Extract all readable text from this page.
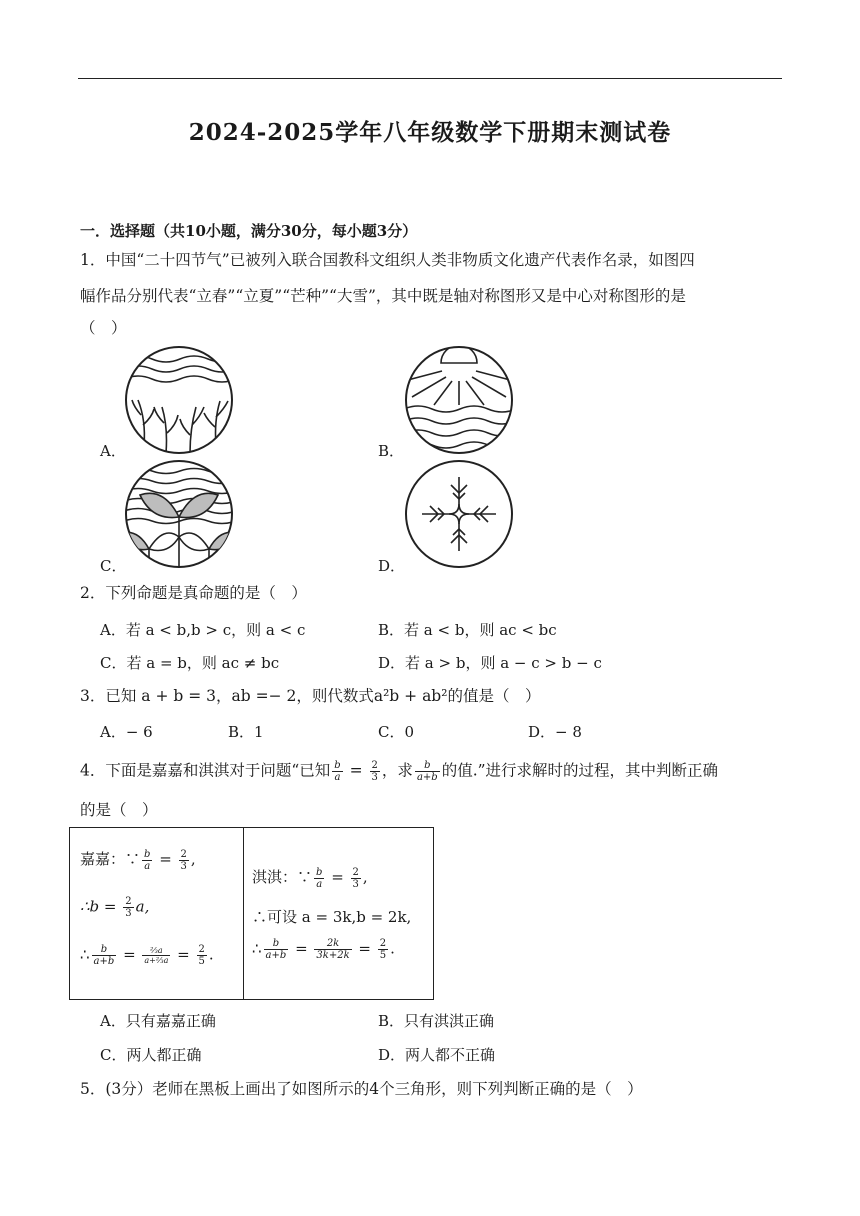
2024-2025学年八年级数学下册期末测试卷
一．选择题（共10小题，满分30分，每小题3分）
1．中国“二十四节气”已被列入联合国教科文组织人类非物质文化遗产代表作名录，如图四
幅作品分别代表“立春”“立夏”“芒种”“大雪”，其中既是轴对称图形又是中心对称图形的是
（　）
A．	B．
C．	D．
2．下列命题是真命题的是（　）
A．若 a < b,b > c，则 a < c	B．若 a < b，则 ac < bc
C．若 a = b，则 ac ≠ bc	D．若 a > b，则 a − c > b − c
3．已知 a + b = 3，ab =− 2，则代数式a²b + ab²的值是（　）
A．− 6	B．1	C．0	D．− 8
4．下面是嘉嘉和淇淇对于问题“已知 $\frac{b}{a} = \frac{2}{3}$ ，求 $\frac{b}{a+b}$ 的值.”进行求解时的过程，其中判断正确
的是（　）
嘉嘉：∵ $\frac{b}{a} = \frac{2}{3}$ ,
∴b = $\frac{2}{3} a$,
∴ $\frac{b}{a+b} = \frac{\text{⅔a}}{\text{a+⅔a}} = \frac{2}{5}$ .
淇淇：∵ $\frac{b}{a} = \frac{2}{3}$ ,
∴可设 a = 3k,b = 2k,
∴ $\frac{b}{a+b} = \frac{2k}{3k+2k} = \frac{2}{5}$ .
A．只有嘉嘉正确	B．只有淇淇正确
C．两人都正确	D．两人都不正确
5．(3分）老师在黑板上画出了如图所示的4个三角形，则下列判断正确的是（　）
